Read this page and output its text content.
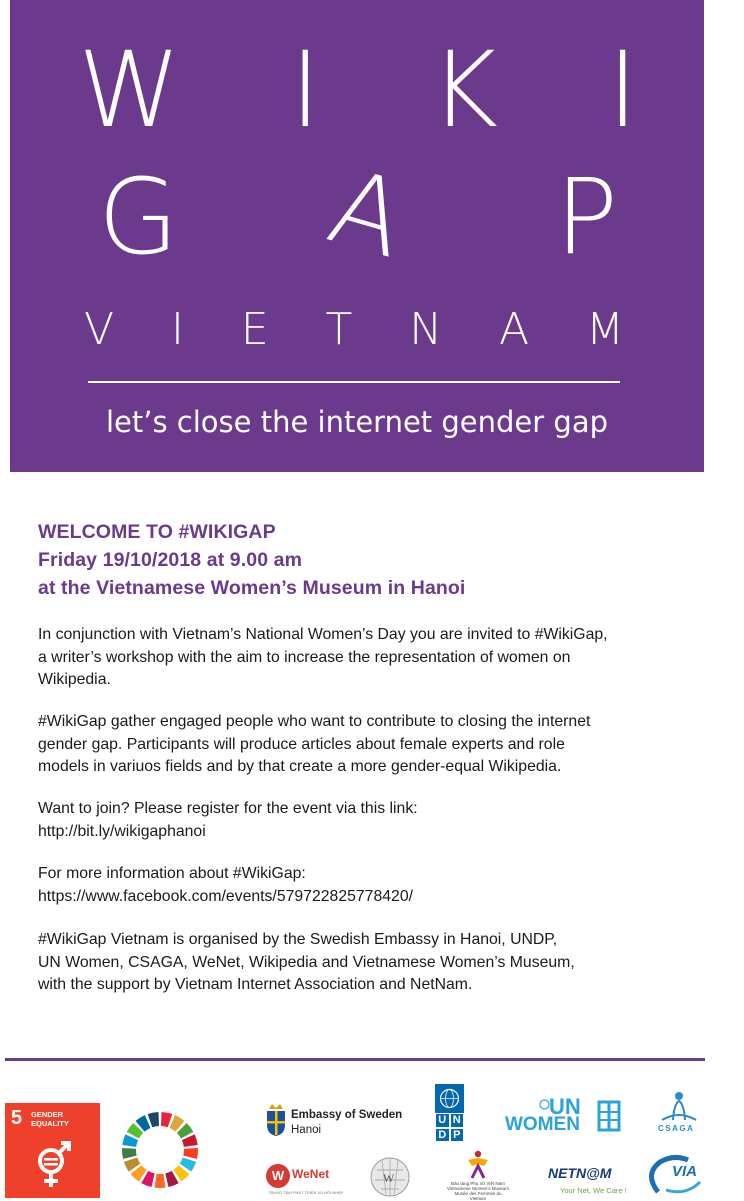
W I K I
G A P
V I E T N A M
let’s close the internet gender gap
WELCOME TO #WIKIGAP
Friday 19/10/2018 at 9.00 am
at the Vietnamese Women’s Museum in Hanoi
In conjunction with Vietnam’s National Women’s Day you are invited to #WikiGap,
a writer’s workshop with the aim to increase the representation of women on
Wikipedia.
#WikiGap gather engaged people who want to contribute to closing the internet
gender gap. Participants will produce articles about female experts and role
models in variuos fields and by that create a more gender-equal Wikipedia.
Want to join? Please register for the event via this link:
http://bit.ly/wikigaphanoi
For more information about #WikiGap:
https://www.facebook.com/events/579722825778420/
#WikiGap Vietnam is organised by the Swedish Embassy in Hanoi, UNDP,
UN Women, CSAGA, WeNet, Wikipedia and Vietnamese Women’s Museum,
with the support by Vietnam Internet Association and NetNam.
5 GENDER
EQUALITY
Embassy of Sweden
Hanoi
U N
D P
UN
WOMEN	CSAGA
W WeNet
TRUNG TÂM PHÁT TRIỂN VÀ HỘI NHẬP
W	Bảo tàng Phụ nữ Việt Nam Vietnamese Women’s Museum Musée des Femmes du Vietnam
NETN@M
Your Net, We Care !
VIA
